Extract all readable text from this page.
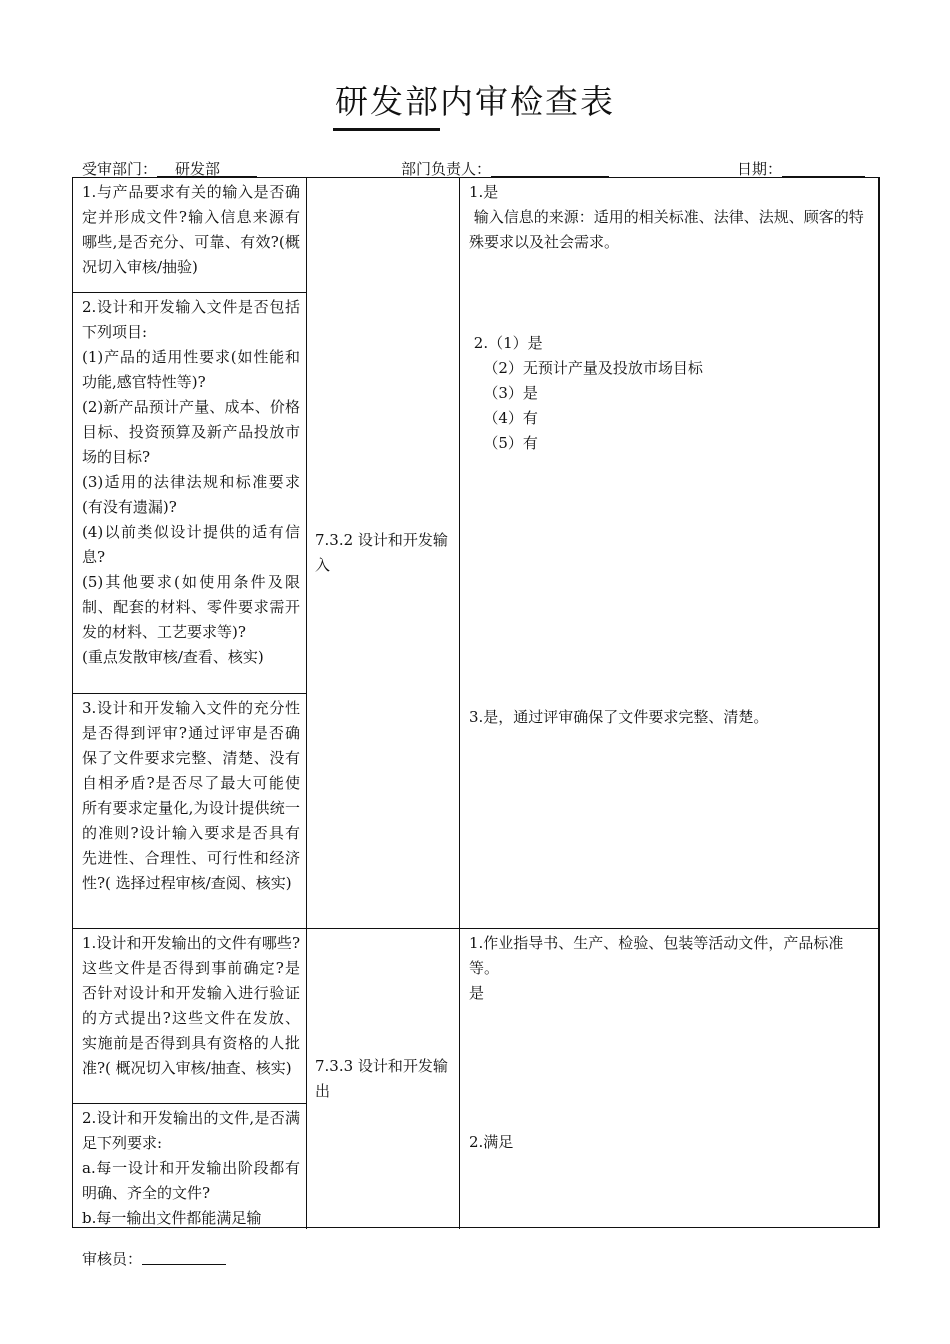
研发部内审检查表
受审部门： 研发部	部门负责人：	日期：
1.与产品要求有关的输入是否确定并形成文件?输入信息来源有哪些,是否充分、可靠、有效?(概况切入审核/抽验)
2.设计和开发输入文件是否包括下列项目:
(1)产品的适用性要求(如性能和功能,感官特性等)?
(2)新产品预计产量、成本、价格目标、投资预算及新产品投放市场的目标?
(3)适用的法律法规和标准要求(有没有遗漏)?
(4)以前类似设计提供的适有信息?
(5)其他要求(如使用条件及限制、配套的材料、零件要求需开发的材料、工艺要求等)?
(重点发散审核/查看、核实)
3.设计和开发输入文件的充分性是否得到评审?通过评审是否确保了文件要求完整、清楚、没有自相矛盾?是否尽了最大可能使所有要求定量化,为设计提供统一的准则?设计输入要求是否具有先进性、合理性、可行性和经济性?( 选择过程审核/查阅、核实)
7.3.2 设计和开发输入
1.是
输入信息的来源：适用的相关标准、法律、法规、顾客的特殊要求以及社会需求。
2.（1）是
（2）无预计产量及投放市场目标
（3）是
（4）有
（5）有
3.是，通过评审确保了文件要求完整、清楚。
1.设计和开发输出的文件有哪些?这些文件是否得到事前确定?是否针对设计和开发输入进行验证的方式提出?这些文件在发放、实施前是否得到具有资格的人批准?( 概况切入审核/抽查、核实)
2.设计和开发输出的文件,是否满足下列要求:
a.每一设计和开发输出阶段都有明确、齐全的文件?
b.每一输出文件都能满足输
7.3.3 设计和开发输出
1.作业指导书、生产、检验、包装等活动文件，产品标准等。
是
2.满足
审核员：
